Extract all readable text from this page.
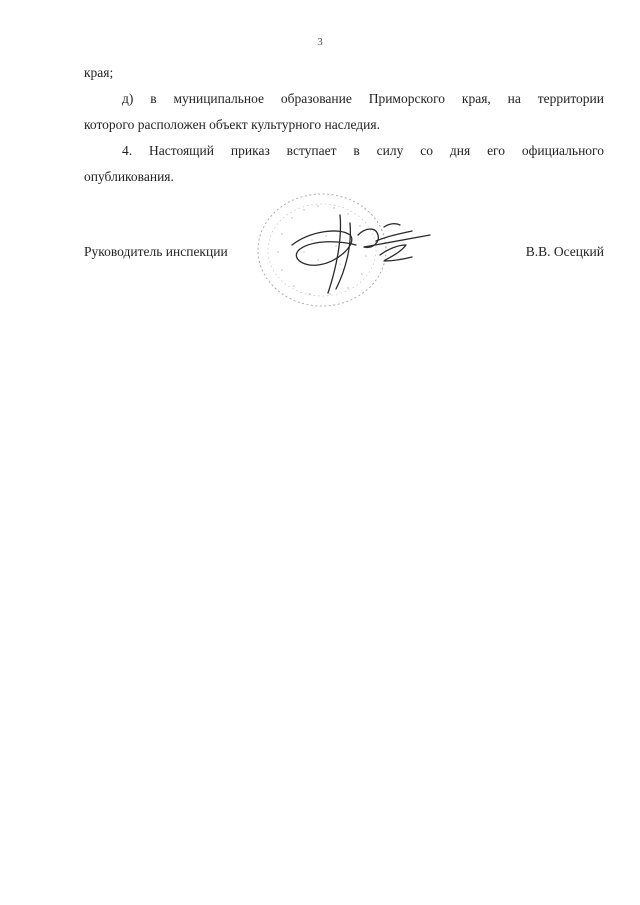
3
края;
д) в муниципальное образование Приморского края, на территории
которого расположен объект культурного наследия.
4. Настоящий приказ вступает в силу со дня его официального
опубликования.
Руководитель инспекции	В.В. Осецкий
